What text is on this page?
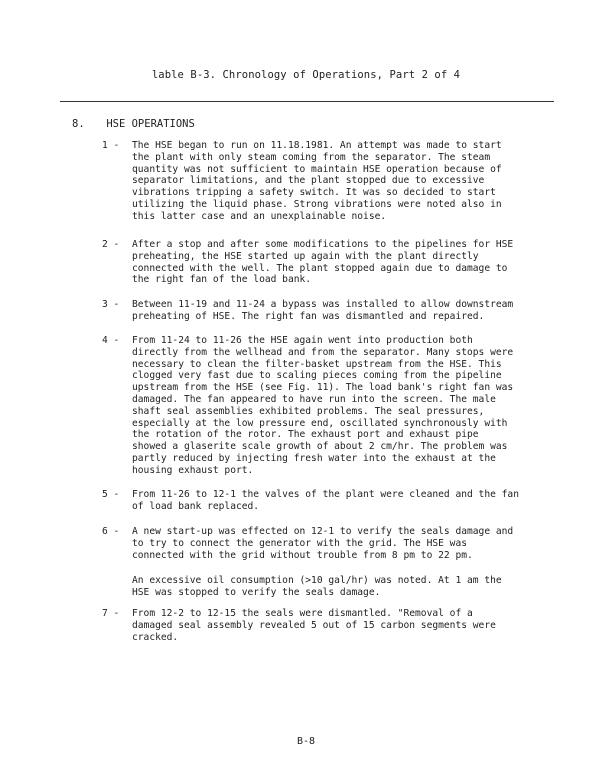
lable B-3. Chronology of Operations, Part 2 of 4
8. HSE OPERATIONS
1 -	The HSE began to run on 11.18.1981. An attempt was made to start
the plant with only steam coming from the separator. The steam
quantity was not sufficient to maintain HSE operation because of
separator limitations, and the plant stopped due to excessive
vibrations tripping a safety switch. It was so decided to start
utilizing the liquid phase. Strong vibrations were noted also in
this latter case and an unexplainable noise.
2 -	After a stop and after some modifications to the pipelines for HSE
preheating, the HSE started up again with the plant directly
connected with the well. The plant stopped again due to damage to
the right fan of the load bank.
3 -	Between 11-19 and 11-24 a bypass was installed to allow downstream
preheating of HSE. The right fan was dismantled and repaired.
4 -	From 11-24 to 11-26 the HSE again went into production both
directly from the wellhead and from the separator. Many stops were
necessary to clean the filter-basket upstream from the HSE. This
clogged very fast due to scaling pieces coming from the pipeline
upstream from the HSE (see Fig. 11). The load bank's right fan was
damaged. The fan appeared to have run into the screen. The male
shaft seal assemblies exhibited problems. The seal pressures,
especially at the low pressure end, oscillated synchronously with
the rotation of the rotor. The exhaust port and exhaust pipe
showed a glaserite scale growth of about 2 cm/hr. The problem was
partly reduced by injecting fresh water into the exhaust at the
housing exhaust port.
5 -	From 11-26 to 12-1 the valves of the plant were cleaned and the fan
of load bank replaced.
6 -	A new start-up was effected on 12-1 to verify the seals damage and
to try to connect the generator with the grid. The HSE was
connected with the grid without trouble from 8 pm to 22 pm.
An excessive oil consumption (>10 gal/hr) was noted. At 1 am the
HSE was stopped to verify the seals damage.
7 -	From 12-2 to 12-15 the seals were dismantled. "Removal of a
damaged seal assembly revealed 5 out of 15 carbon segments were
cracked.
B-8
